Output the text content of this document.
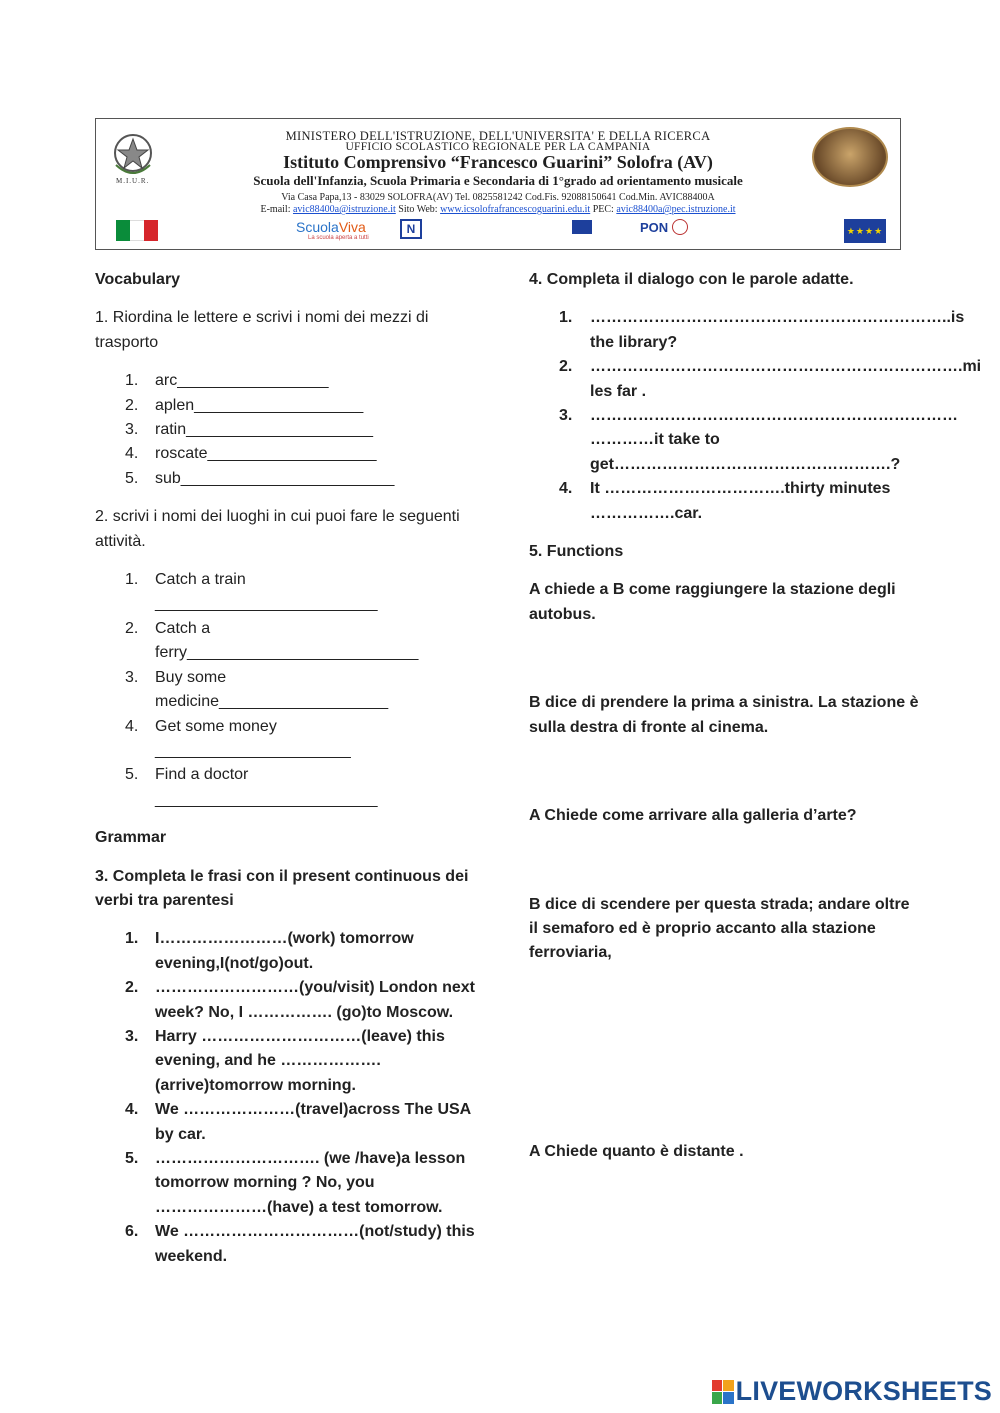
M.I.U.R.
MINISTERO DELL'ISTRUZIONE, DELL'UNIVERSITA' E DELLA RICERCA
UFFICIO SCOLASTICO REGIONALE PER LA CAMPANIA
Istituto Comprensivo “Francesco Guarini” Solofra (AV)
Scuola dell'Infanzia, Scuola Primaria e Secondaria di 1°grado ad orientamento musicale
Via Casa Papa,13 - 83029 SOLOFRA(AV) Tel. 0825581242 Cod.Fis. 92088150641 Cod.Min. AVIC88400A
E-mail: avic88400a@istruzione.it Sito Web: www.icsolofrafrancescoguarini.edu.it PEC: avic88400a@pec.istruzione.it
ScuolaViva
La scuola aperta a tutti
N	PON	★★★★

Vocabulary

1. Riordina le lettere e scrivi i nomi dei mezzi di trasporto

1. arc_________________
2. aplen___________________
3. ratin_____________________
4. roscate___________________
5. sub________________________

2. scrivi i nomi dei luoghi in cui puoi fare le seguenti attività.

1. Catch a train _________________________
2. Catch a ferry__________________________
3. Buy some medicine___________________
4. Get some money ______________________
5. Find a doctor _________________________

Grammar

3. Completa le frasi con il present continuous dei verbi tra parentesi

1. I……………………(work) tomorrow evening,I(not/go)out.
2. ………………………(you/visit) London next week? No, I ……………. (go)to Moscow.
3. Harry …………………………(leave) this evening, and he ………………. (arrive)tomorrow morning.
4. We …………………(travel)across The USA by car.
5. …………………………. (we /have)a lesson tomorrow morning ? No, you …………………(have) a test tomorrow.
6. We ……………………………(not/study) this weekend.

4. Completa il dialogo con le parole adatte.

1. …………………………………………………………..is the library?
2. …………………………………………………………….mi les far .
3. …………………………………………………………… …………it take to get…………………………………………….?
4. It …………………………….thirty minutes …………….car.

5. Functions

A chiede a B come raggiungere la stazione degli autobus.

B dice di prendere la prima a sinistra. La stazione è sulla destra di fronte al cinema.

A Chiede come arrivare alla galleria d’arte?

B dice di scendere per questa strada; andare oltre il semaforo ed è proprio accanto alla stazione ferroviaria,

A Chiede quanto è distante .

LIVEWORKSHEETS
